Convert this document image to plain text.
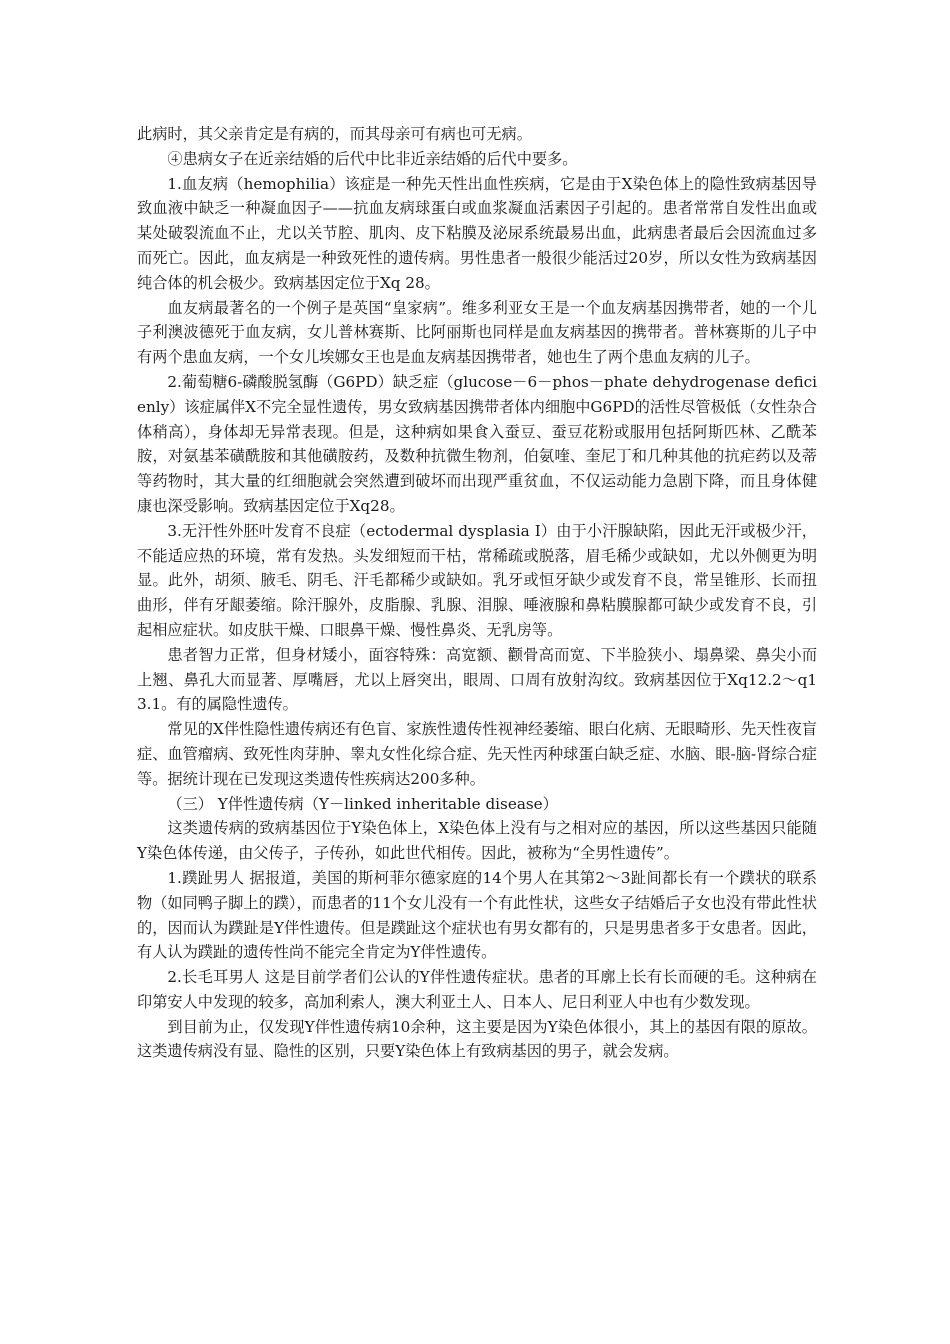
此病时，其父亲肯定是有病的，而其母亲可有病也可无病。

④患病女子在近亲结婚的后代中比非近亲结婚的后代中要多。

1.血友病（hemophilia）该症是一种先天性出血性疾病，它是由于X染色体上的隐性致病基因导致血液中缺乏一种凝血因子——抗血友病球蛋白或血浆凝血活素因子引起的。患者常常自发性出血或某处破裂流血不止，尤以关节腔、肌肉、皮下粘膜及泌尿系统最易出血，此病患者最后会因流血过多而死亡。因此，血友病是一种致死性的遗传病。男性患者一般很少能活过20岁，所以女性为致病基因纯合体的机会极少。致病基因定位于Xq 28。

血友病最著名的一个例子是英国“皇家病”。维多利亚女王是一个血友病基因携带者，她的一个儿子利澳波德死于血友病，女儿普林赛斯、比阿丽斯也同样是血友病基因的携带者。普林赛斯的儿子中有两个患血友病，一个女儿埃娜女王也是血友病基因携带者，她也生了两个患血友病的儿子。

2.葡萄糖6-磷酸脱氢酶（G6PD）缺乏症（glucose－6－phos－phate dehydrogenase deficienly）该症属伴X不完全显性遗传，男女致病基因携带者体内细胞中G6PD的活性尽管极低（女性杂合体稍高），身体却无异常表现。但是，这种病如果食入蚕豆、蚕豆花粉或服用包括阿斯匹林、乙酰苯胺，对氨基苯磺酰胺和其他磺胺药，及数种抗微生物剂，伯氨喹、奎尼丁和几种其他的抗疟药以及蒂等药物时，其大量的红细胞就会突然遭到破坏而出现严重贫血，不仅运动能力急剧下降，而且身体健康也深受影响。致病基因定位于Xq28。

3.无汗性外胚叶发育不良症（ectodermal dysplasia I）由于小汗腺缺陷，因此无汗或极少汗，不能适应热的环境，常有发热。头发细短而干枯，常稀疏或脱落，眉毛稀少或缺如，尤以外侧更为明显。此外，胡须、腋毛、阴毛、汗毛都稀少或缺如。乳牙或恒牙缺少或发育不良，常呈锥形、长而扭曲形，伴有牙龈萎缩。除汗腺外，皮脂腺、乳腺、泪腺、唾液腺和鼻粘膜腺都可缺少或发育不良，引起相应症状。如皮肤干燥、口眼鼻干燥、慢性鼻炎、无乳房等。

患者智力正常，但身材矮小，面容特殊：高宽额、颧骨高而宽、下半脸狭小、塌鼻梁、鼻尖小而上翘、鼻孔大而显著、厚嘴唇，尤以上唇突出，眼周、口周有放射沟纹。致病基因位于Xq12.2～q13.1。有的属隐性遗传。

常见的X伴性隐性遗传病还有色盲、家族性遗传性视神经萎缩、眼白化病、无眼畸形、先天性夜盲症、血管瘤病、致死性肉芽肿、睾丸女性化综合症、先天性丙种球蛋白缺乏症、水脑、眼-脑-肾综合症等。据统计现在已发现这类遗传性疾病达200多种。

（三） Y伴性遗传病（Y－linked inheritable disease）

这类遗传病的致病基因位于Y染色体上，X染色体上没有与之相对应的基因，所以这些基因只能随Y染色体传递，由父传子，子传孙，如此世代相传。因此，被称为“全男性遗传”。

1.蹼趾男人 据报道，美国的斯柯菲尔德家庭的14个男人在其第2～3趾间都长有一个蹼状的联系物（如同鸭子脚上的蹼），而患者的11个女儿没有一个有此性状，这些女子结婚后子女也没有带此性状的，因而认为蹼趾是Y伴性遗传。但是蹼趾这个症状也有男女都有的，只是男患者多于女患者。因此，有人认为蹼趾的遗传性尚不能完全肯定为Y伴性遗传。

2.长毛耳男人 这是目前学者们公认的Y伴性遗传症状。患者的耳廓上长有长而硬的毛。这种病在印第安人中发现的较多，高加利索人，澳大利亚土人、日本人、尼日利亚人中也有少数发现。

到目前为止，仅发现Y伴性遗传病10余种，这主要是因为Y染色体很小，其上的基因有限的原故。这类遗传病没有显、隐性的区别，只要Y染色体上有致病基因的男子，就会发病。
